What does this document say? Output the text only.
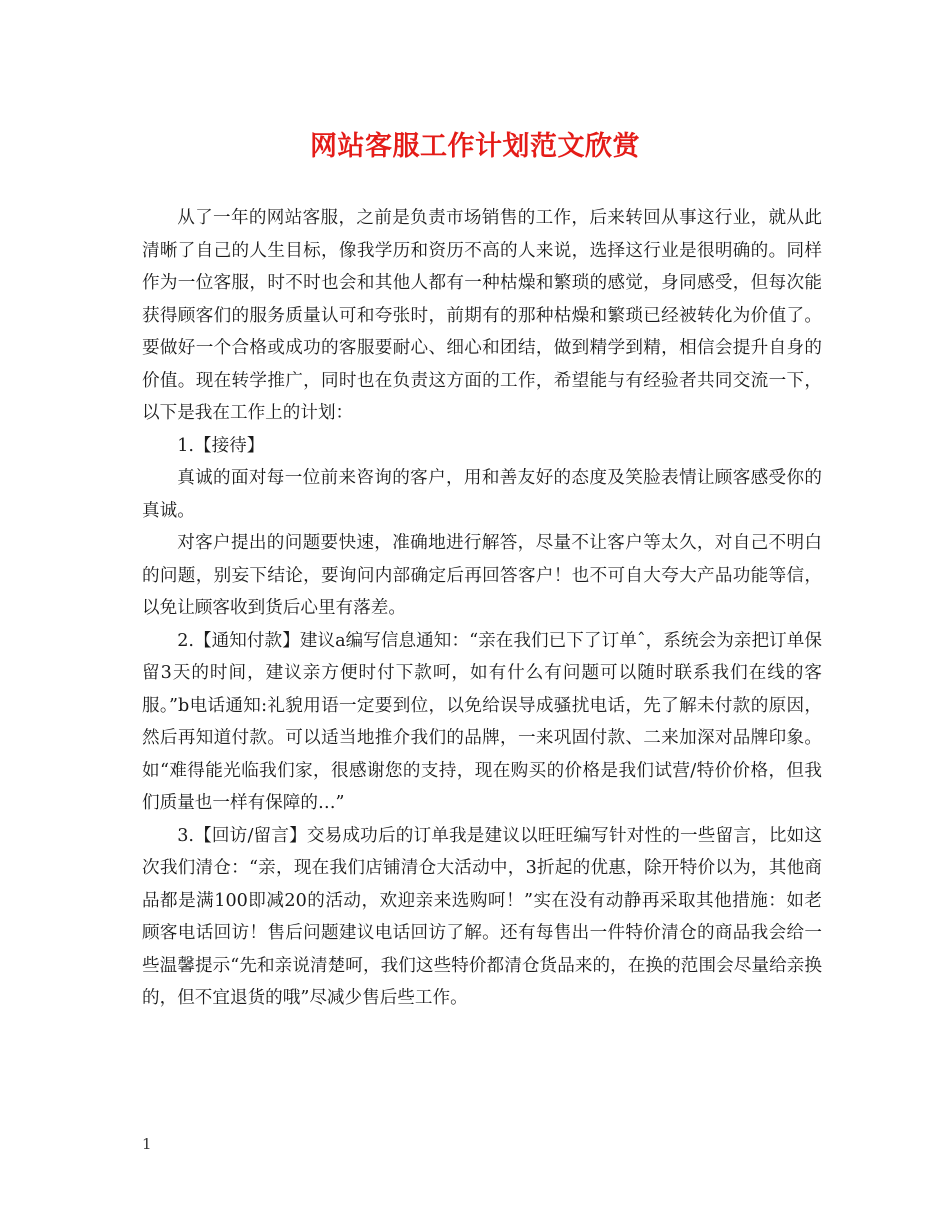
网站客服工作计划范文欣赏

从了一年的网站客服，之前是负责市场销售的工作，后来转回从事这行业，就从此清晰了自己的人生目标，像我学历和资历不高的人来说，选择这行业是很明确的。同样作为一位客服，时不时也会和其他人都有一种枯燥和繁琐的感觉，身同感受，但每次能获得顾客们的服务质量认可和夸张时，前期有的那种枯燥和繁琐已经被转化为价值了。要做好一个合格或成功的客服要耐心、细心和团结，做到精学到精，相信会提升自身的价值。现在转学推广，同时也在负责这方面的工作，希望能与有经验者共同交流一下，以下是我在工作上的计划：

1.【接待】

真诚的面对每一位前来咨询的客户，用和善友好的态度及笑脸表情让顾客感受你的真诚。

对客户提出的问题要快速，准确地进行解答，尽量不让客户等太久，对自己不明白的问题，别妄下结论，要询问内部确定后再回答客户！也不可自大夸大产品功能等信，以免让顾客收到货后心里有落差。

2.【通知付款】建议a编写信息通知：“亲在我们已下了订单ˆ，系统会为亲把订单保留3天的时间，建议亲方便时付下款呵，如有什么有问题可以随时联系我们在线的客服。”b电话通知:礼貌用语一定要到位，以免给误导成骚扰电话，先了解未付款的原因，然后再知道付款。可以适当地推介我们的品牌，一来巩固付款、二来加深对品牌印象。如“难得能光临我们家，很感谢您的支持，现在购买的价格是我们试营/特价价格，但我们质量也一样有保障的…”

3.【回访/留言】交易成功后的订单我是建议以旺旺编写针对性的一些留言，比如这次我们清仓：“亲，现在我们店铺清仓大活动中，3折起的优惠，除开特价以为，其他商品都是满100即减20的活动，欢迎亲来选购呵！”实在没有动静再采取其他措施：如老顾客电话回访！售后问题建议电话回访了解。还有每售出一件特价清仓的商品我会给一些温馨提示“先和亲说清楚呵，我们这些特价都清仓货品来的，在换的范围会尽量给亲换的，但不宜退货的哦”尽减少售后些工作。

1
